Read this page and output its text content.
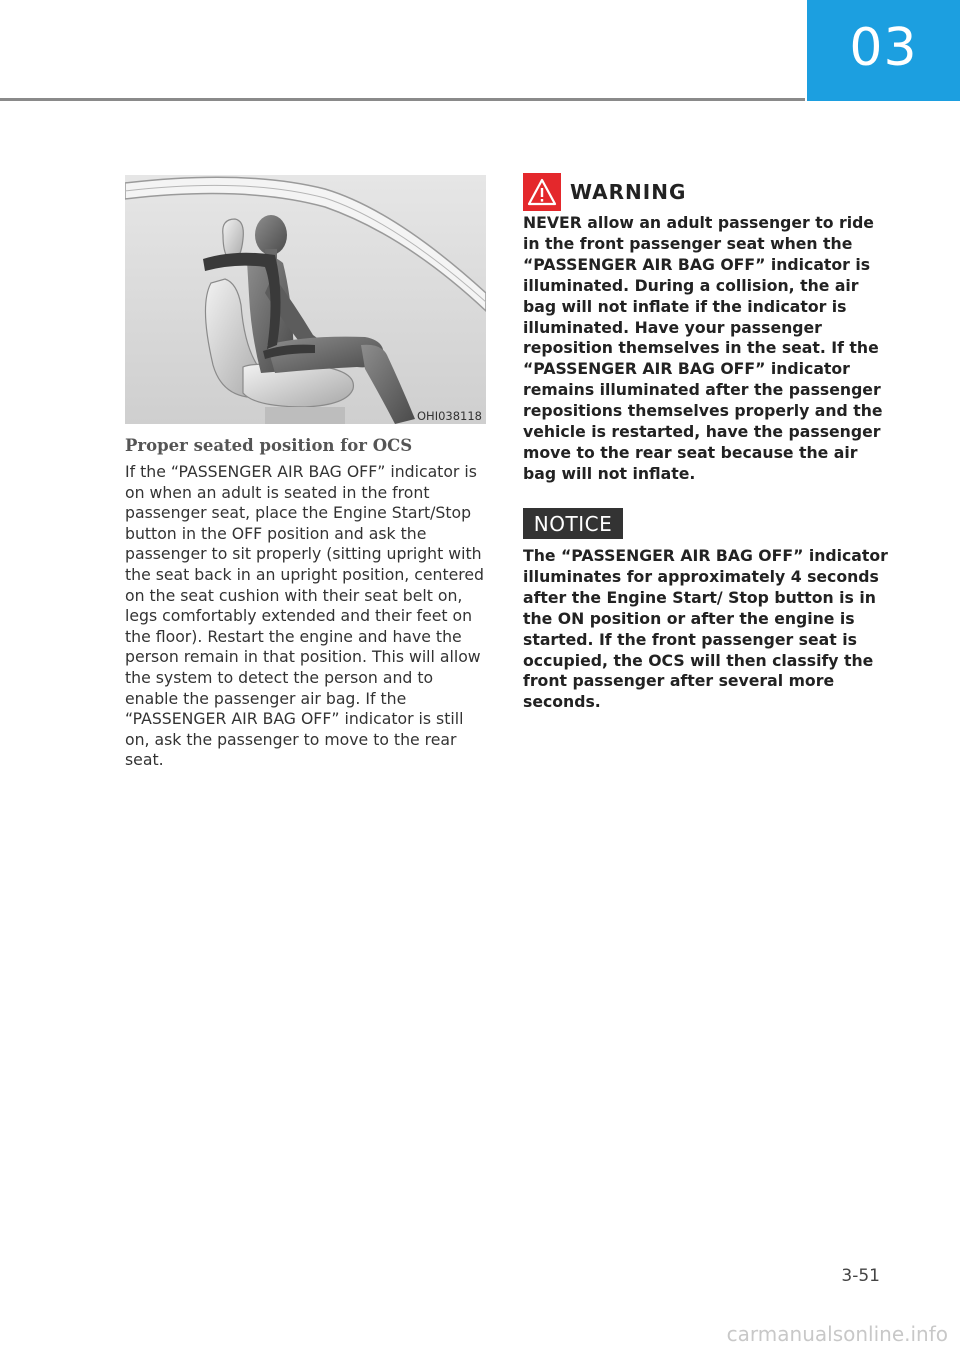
03
OHI038118
Proper seated position for OCS
If the “PASSENGER AIR BAG OFF” indicator is on when an adult is seated in the front passenger seat, place the Engine Start/Stop button in the OFF position and ask the passenger to sit properly (sitting upright with the seat back in an upright position, centered on the seat cushion with their seat belt on, legs comfortably extended and their feet on the floor). Restart the engine and have the person remain in that position. This will allow the system to detect the person and to enable the passenger air bag. If the “PASSENGER AIR BAG OFF” indicator is still on, ask the passenger to move to the rear seat.
WARNING
NEVER allow an adult passenger to ride in the front passenger seat when the “PASSENGER AIR BAG OFF” indicator is illuminated. During a collision, the air bag will not inflate if the indicator is illuminated. Have your passenger reposition themselves in the seat. If the “PASSENGER AIR BAG OFF” indicator remains illuminated after the passenger repositions themselves properly and the vehicle is restarted, have the passenger move to the rear seat because the air bag will not inflate.
NOTICE
The “PASSENGER AIR BAG OFF” indicator illuminates for approximately 4 seconds after the Engine Start/ Stop button is in the ON position or after the engine is started. If the front passenger seat is occupied, the OCS will then classify the front passenger after several more seconds.
3-51
carmanualsonline.info
